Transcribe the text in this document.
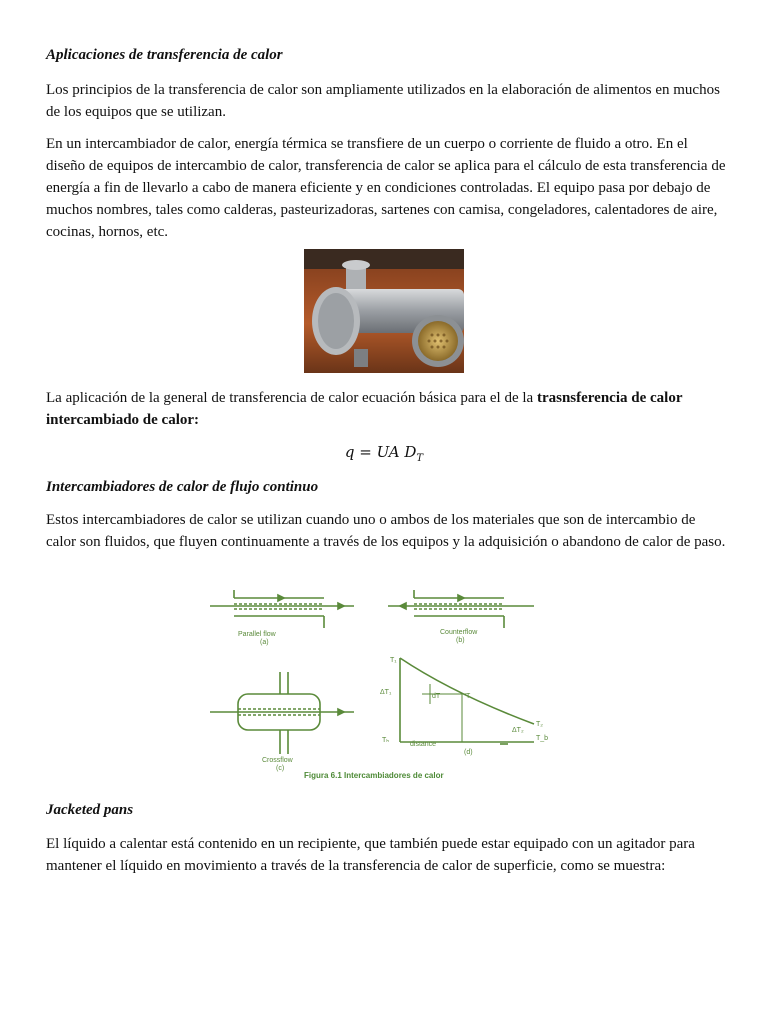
Aplicaciones de transferencia de calor

Los principios de la transferencia de calor son ampliamente utilizados en la elaboración de alimentos en muchos de los equipos que se utilizan.

En un intercambiador de calor, energía térmica se transfiere de un cuerpo o corriente de fluido a otro. En el diseño de equipos de intercambio de calor, transferencia de calor se aplica para el cálculo de esta transferencia de energía a fin de llevarlo a cabo de manera eficiente y en condiciones controladas. El equipo pasa por debajo de muchos nombres, tales como calderas, pasteurizadoras, sartenes con camisa, congeladores, calentadores de aire, cocinas, hornos, etc.

La aplicación de la general de transferencia de calor ecuación básica para el de la trasnsferencia de calor intercambiado de calor:

q = UA $D_T$
Intercambiadores de calor de flujo continuo

Estos intercambiadores de calor se utilizan cuando uno o ambos de los materiales que son de intercambio de calor son fluidos, que fluyen continuamente a través de los equipos y la adquisición o abandono de calor de paso.

Parallel flow
(a)
Counterflow
(b)
Crossflow
(c)
T₁
ΔT₁
dT	T
T₂
ΔT₂
Tₕ	T_b
distance
(d)
Figura 6.1 Intercambiadores de calor
Jacketed pans

El líquido a calentar está contenido en un recipiente, que también puede estar equipado con un agitador para mantener el líquido en movimiento a través de la transferencia de calor de superficie, como se muestra:
